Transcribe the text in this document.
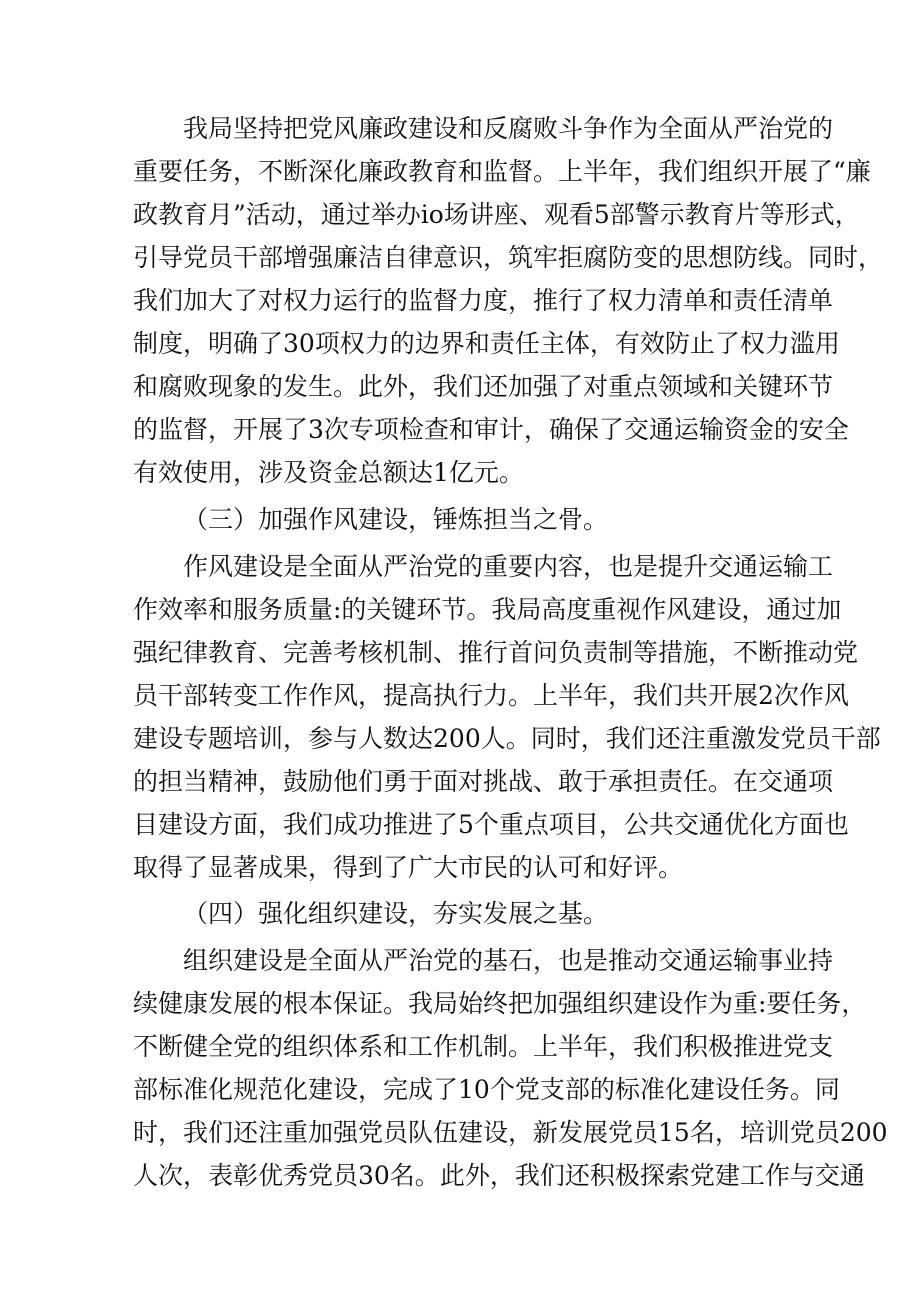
我局坚持把党风廉政建设和反腐败斗争作为全面从严治党的
重要任务，不断深化廉政教育和监督。上半年，我们组织开展了“廉
政教育月”活动，通过举办io场讲座、观看5部警示教育片等形式，
引导党员干部增强廉洁自律意识，筑牢拒腐防变的思想防线。同时，
我们加大了对权力运行的监督力度，推行了权力清单和责任清单
制度，明确了30项权力的边界和责任主体，有效防止了权力滥用
和腐败现象的发生。此外，我们还加强了对重点领域和关键环节
的监督，开展了3次专项检查和审计，确保了交通运输资金的安全
有效使用，涉及资金总额达1亿元。
（三）加强作风建设，锤炼担当之骨。
作风建设是全面从严治党的重要内容，也是提升交通运输工
作效率和服务质量:的关键环节。我局高度重视作风建设，通过加
强纪律教育、完善考核机制、推行首问负责制等措施，不断推动党
员干部转变工作作风，提高执行力。上半年，我们共开展2次作风
建设专题培训，参与人数达200人。同时，我们还注重激发党员干部
的担当精神，鼓励他们勇于面对挑战、敢于承担责任。在交通项
目建设方面，我们成功推进了5个重点项目，公共交通优化方面也
取得了显著成果，得到了广大市民的认可和好评。
（四）强化组织建设，夯实发展之基。
组织建设是全面从严治党的基石，也是推动交通运输事业持
续健康发展的根本保证。我局始终把加强组织建设作为重:要任务，
不断健全党的组织体系和工作机制。上半年，我们积极推进党支
部标准化规范化建设，完成了10个党支部的标准化建设任务。同
时，我们还注重加强党员队伍建设，新发展党员15名，培训党员200
人次，表彰优秀党员30名。此外，我们还积极探索党建工作与交通
